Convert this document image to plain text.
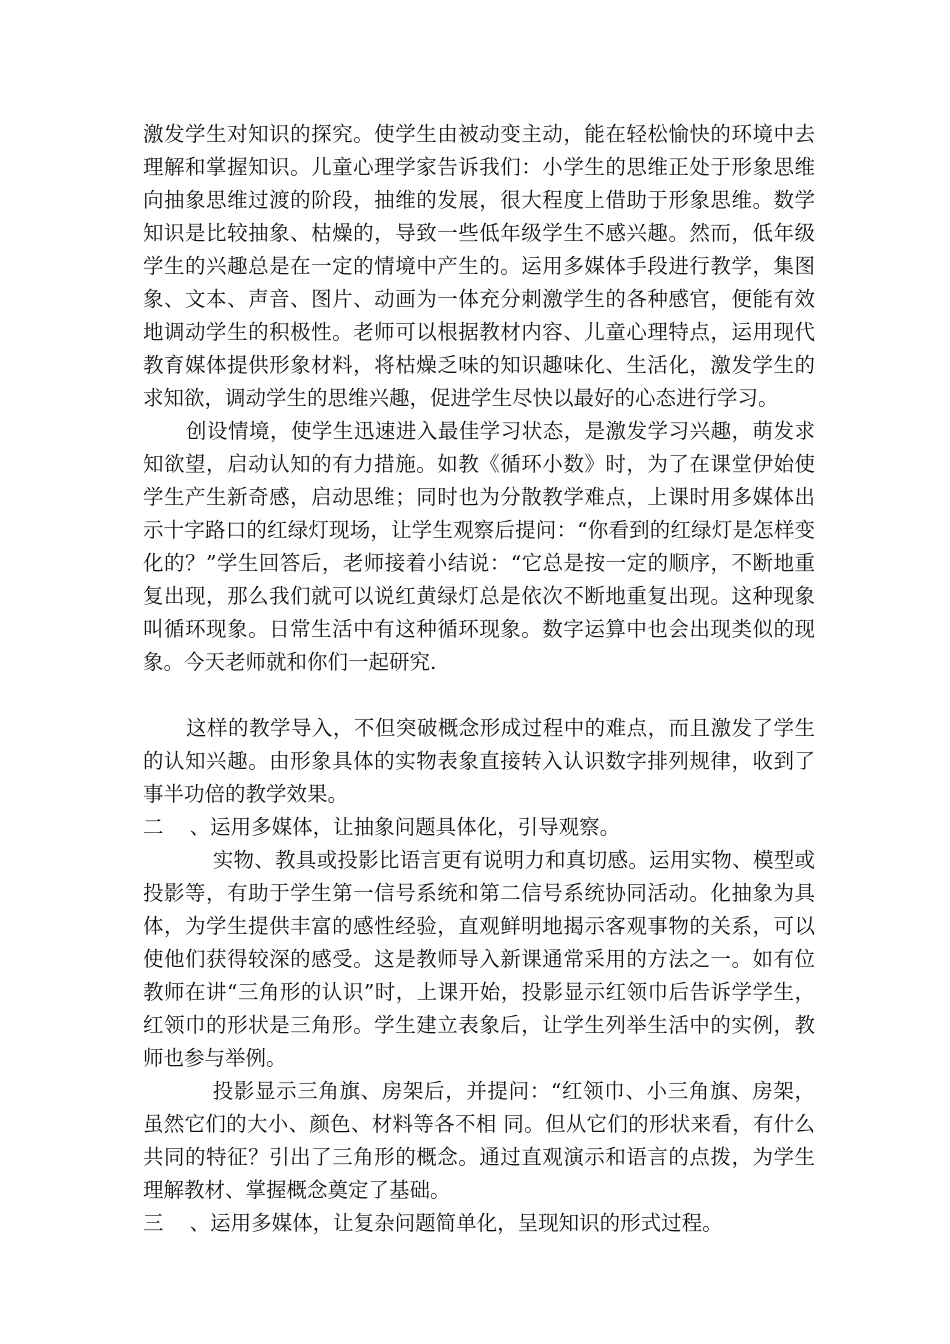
激发学生对知识的探究。使学生由被动变主动，能在轻松愉快的环境中去理解和掌握知识。儿童心理学家告诉我们：小学生的思维正处于形象思维向抽象思维过渡的阶段，抽维的发展，很大程度上借助于形象思维。数学知识是比较抽象、枯燥的，导致一些低年级学生不感兴趣。然而，低年级学生的兴趣总是在一定的情境中产生的。运用多媒体手段进行教学，集图象、文本、声音、图片、动画为一体充分刺激学生的各种感官，便能有效地调动学生的积极性。老师可以根据教材内容、儿童心理特点，运用现代教育媒体提供形象材料，将枯燥乏味的知识趣味化、生活化，激发学生的求知欲，调动学生的思维兴趣，促进学生尽快以最好的心态进行学习。

创设情境，使学生迅速进入最佳学习状态，是激发学习兴趣，萌发求知欲望，启动认知的有力措施。如教《循环小数》时，为了在课堂伊始使学生产生新奇感，启动思维；同时也为分散教学难点，上课时用多媒体出示十字路口的红绿灯现场，让学生观察后提问：“你看到的红绿灯是怎样变化的？”学生回答后，老师接着小结说：“它总是按一定的顺序，不断地重复出现，那么我们就可以说红黄绿灯总是依次不断地重复出现。这种现象叫循环现象。日常生活中有这种循环现象。数字运算中也会出现类似的现象。今天老师就和你们一起研究.

这样的教学导入，不但突破概念形成过程中的难点，而且激发了学生的认知兴趣。由形象具体的实物表象直接转入认识数字排列规律，收到了事半功倍的教学效果。

二    、运用多媒体，让抽象问题具体化，引导观察。

实物、教具或投影比语言更有说明力和真切感。运用实物、模型或投影等，有助于学生第一信号系统和第二信号系统协同活动。化抽象为具体，为学生提供丰富的感性经验，直观鲜明地揭示客观事物的关系，可以使他们获得较深的感受。这是教师导入新课通常采用的方法之一。如有位教师在讲“三角形的认识”时，上课开始，投影显示红领巾后告诉学学生，红领巾的形状是三角形。学生建立表象后，让学生列举生活中的实例，教师也参与举例。

投影显示三角旗、房架后，并提问：“红领巾、小三角旗、房架，虽然它们的大小、颜色、材料等各不相 同。但从它们的形状来看，有什么共同的特征？引出了三角形的概念。通过直观演示和语言的点拨，为学生理解教材、掌握概念奠定了基础。

三    、运用多媒体，让复杂问题简单化，呈现知识的形式过程。
